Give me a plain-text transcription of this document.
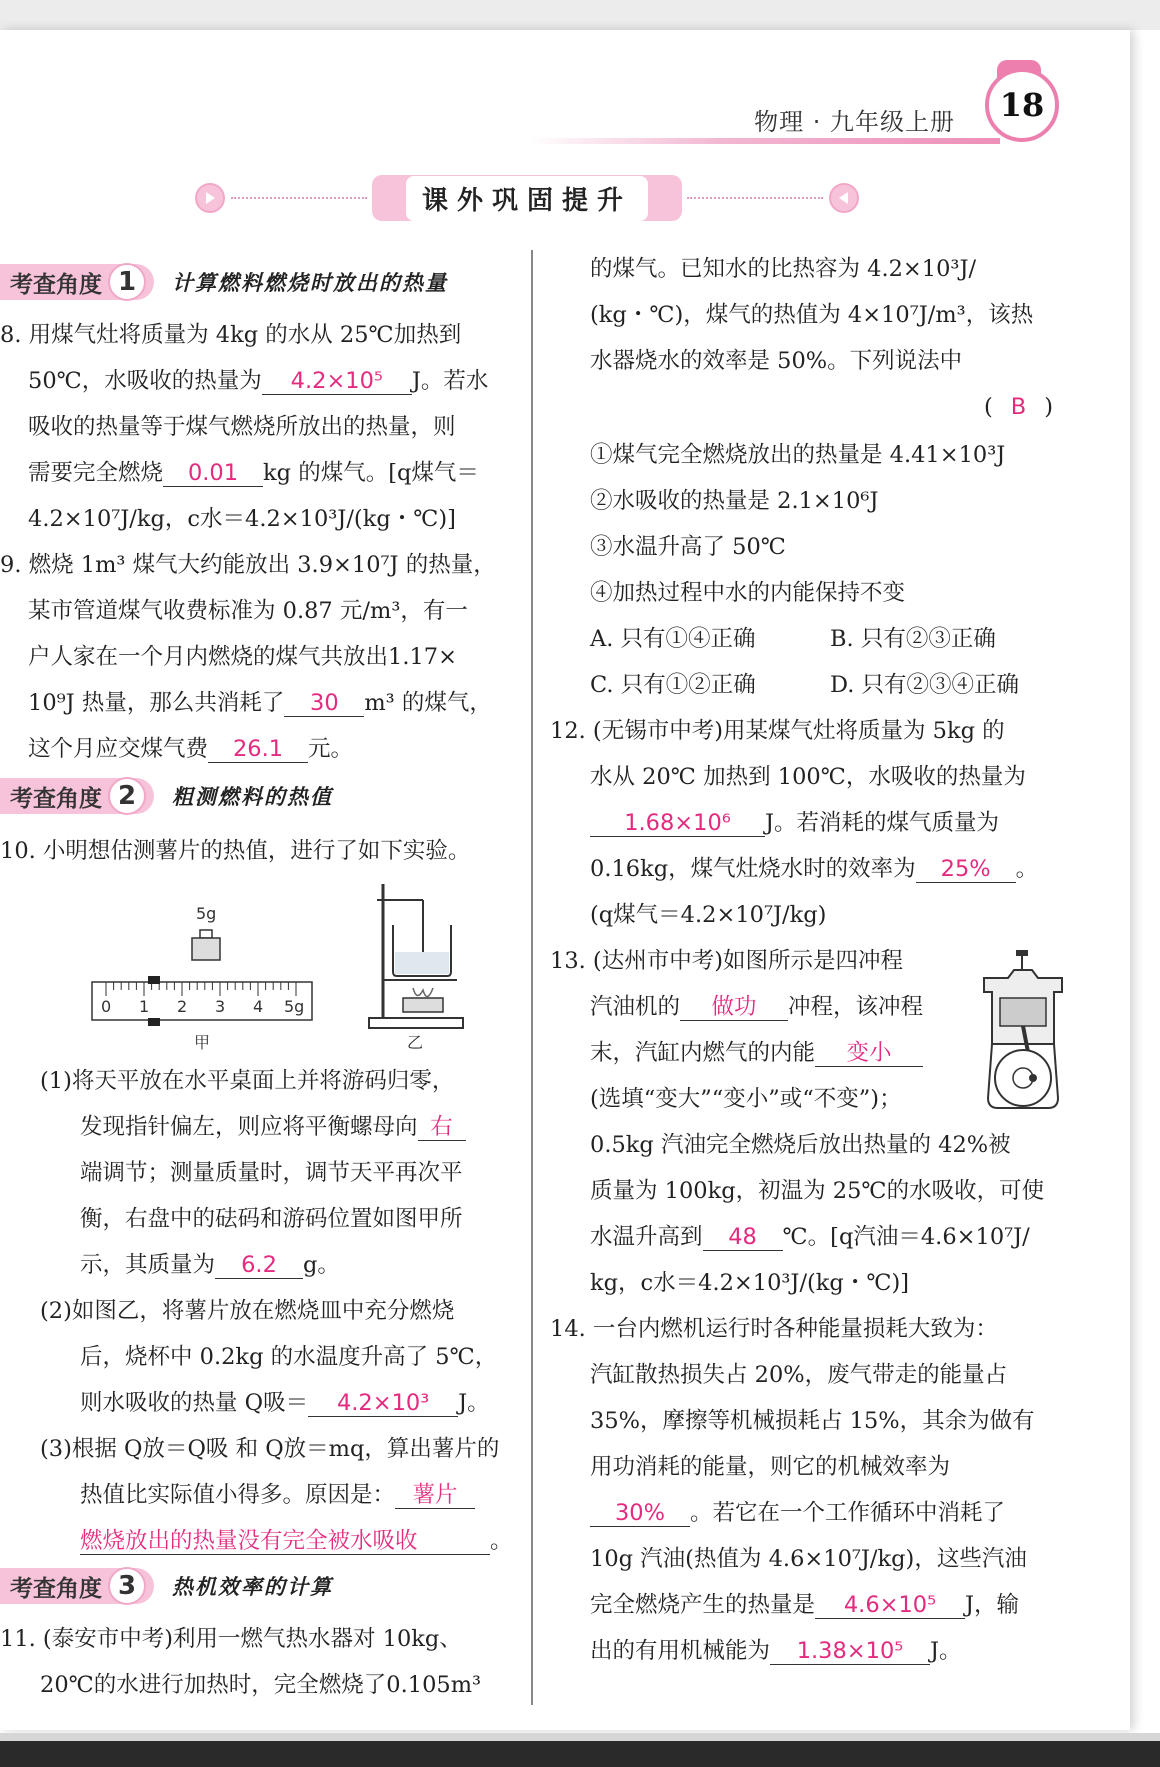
物理 · 九年级上册 18
课外巩固提升
考查角度 1	计算燃料燃烧时放出的热量
8. 用煤气灶将质量为 4kg 的水从 25℃加热到
50℃，水吸收的热量为 4.2×10⁵ J。若水
吸收的热量等于煤气燃烧所放出的热量，则
需要完全燃烧 0.01 kg 的煤气。[q煤气＝
4.2×10⁷J/kg，c水＝4.2×10³J/(kg・℃)]
9. 燃烧 1m³ 煤气大约能放出 3.9×10⁷J 的热量，
某市管道煤气收费标准为 0.87 元/m³，有一
户人家在一个月内燃烧的煤气共放出1.17×
10⁹J 热量，那么共消耗了 30 m³ 的煤气，
这个月应交煤气费 26.1 元。
考查角度 2	粗测燃料的热值
10. 小明想估测薯片的热值，进行了如下实验。
5g
0 1 2 3 4 5g
甲	乙
(1)将天平放在水平桌面上并将游码归零，
发现指针偏左，则应将平衡螺母向 右
端调节；测量质量时，调节天平再次平
衡，右盘中的砝码和游码位置如图甲所
示，其质量为 6.2 g。
(2)如图乙，将薯片放在燃烧皿中充分燃烧
后，烧杯中 0.2kg 的水温度升高了 5℃，
则水吸收的热量 Q吸＝ 4.2×10³ J。
(3)根据 Q放＝Q吸 和 Q放＝mq，算出薯片的
热值比实际值小得多。原因是： 薯片
燃烧放出的热量没有完全被水吸收	。
考查角度 3	热机效率的计算
11. (泰安市中考)利用一燃气热水器对 10kg、
20℃的水进行加热时，完全燃烧了0.105m³
的煤气。已知水的比热容为 4.2×10³J/
(kg・℃)，煤气的热值为 4×10⁷J/m³，该热
水器烧水的效率是 50%。下列说法中
( B )
①煤气完全燃烧放出的热量是 4.41×10³J
②水吸收的热量是 2.1×10⁶J
③水温升高了 50℃
④加热过程中水的内能保持不变
A. 只有①④正确	B. 只有②③正确
C. 只有①②正确	D. 只有②③④正确
12. (无锡市中考)用某煤气灶将质量为 5kg 的
水从 20℃ 加热到 100℃，水吸收的热量为
1.68×10⁶ J。若消耗的煤气质量为
0.16kg，煤气灶烧水时的效率为 25% 。
(q煤气＝4.2×10⁷J/kg)
13. (达州市中考)如图所示是四冲程
汽油机的 做功 冲程，该冲程
末，汽缸内燃气的内能 变小
(选填“变大”“变小”或“不变”)；
0.5kg 汽油完全燃烧后放出热量的 42%被
质量为 100kg，初温为 25℃的水吸收，可使
水温升高到 48 ℃。[q汽油＝4.6×10⁷J/
kg，c水＝4.2×10³J/(kg・℃)]
14. 一台内燃机运行时各种能量损耗大致为：
汽缸散热损失占 20%，废气带走的能量占
35%，摩擦等机械损耗占 15%，其余为做有
用功消耗的能量，则它的机械效率为
30% 。若它在一个工作循环中消耗了
10g 汽油(热值为 4.6×10⁷J/kg)，这些汽油
完全燃烧产生的热量是 4.6×10⁵ J，输
出的有用机械能为 1.38×10⁵ J。
